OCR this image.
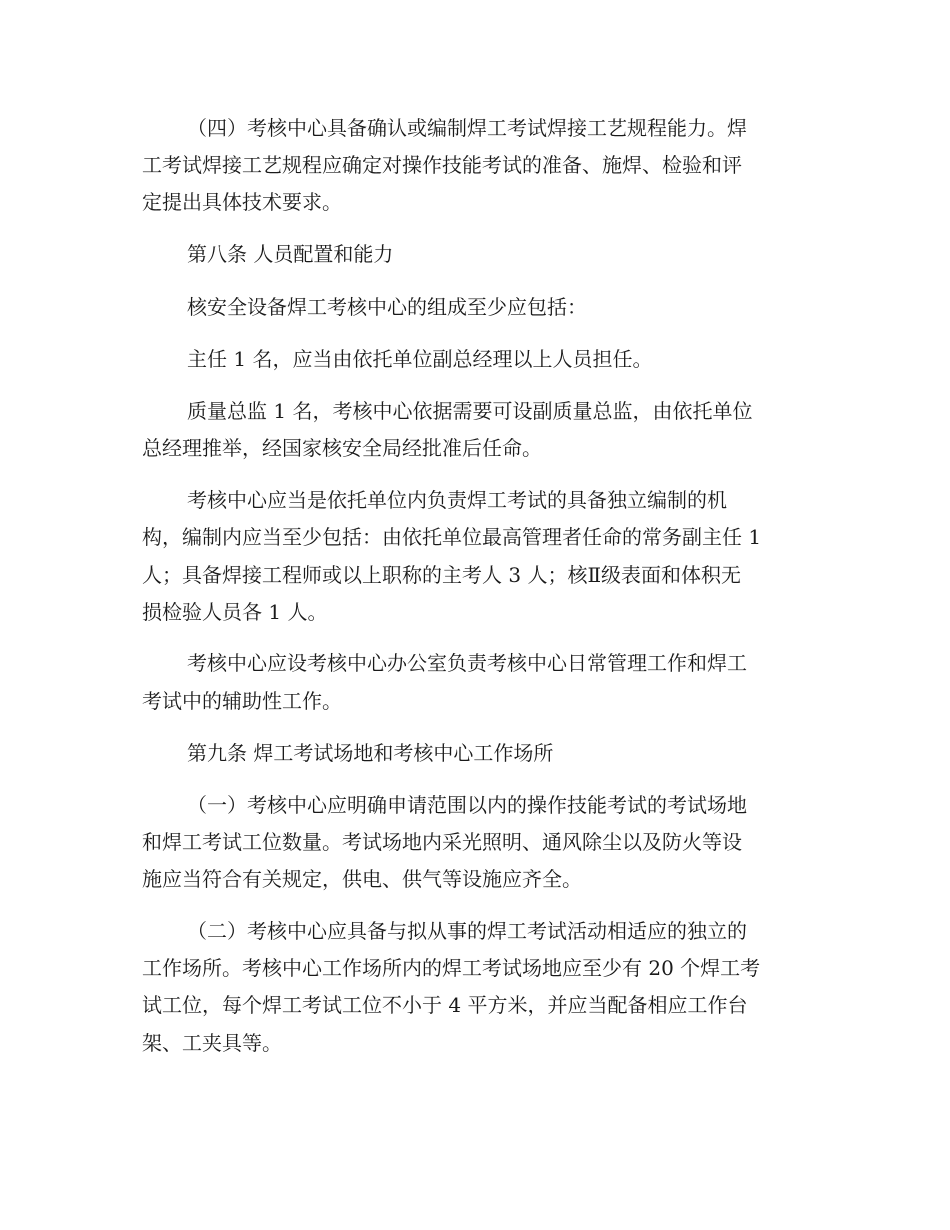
（四）考核中心具备确认或编制焊工考试焊接工艺规程能力。焊
工考试焊接工艺规程应确定对操作技能考试的准备、施焊、检验和评
定提出具体技术要求。
第八条 人员配置和能力
核安全设备焊工考核中心的组成至少应包括：
主任 1 名，应当由依托单位副总经理以上人员担任。
质量总监 1 名，考核中心依据需要可设副质量总监，由依托单位
总经理推举，经国家核安全局经批准后任命。
考核中心应当是依托单位内负责焊工考试的具备独立编制的机
构，编制内应当至少包括：由依托单位最高管理者任命的常务副主任 1
人；具备焊接工程师或以上职称的主考人 3 人；核Ⅱ级表面和体积无
损检验人员各 1 人。
考核中心应设考核中心办公室负责考核中心日常管理工作和焊工
考试中的辅助性工作。
第九条 焊工考试场地和考核中心工作场所
（一）考核中心应明确申请范围以内的操作技能考试的考试场地
和焊工考试工位数量。考试场地内采光照明、通风除尘以及防火等设
施应当符合有关规定，供电、供气等设施应齐全。
（二）考核中心应具备与拟从事的焊工考试活动相适应的独立的
工作场所。考核中心工作场所内的焊工考试场地应至少有 20 个焊工考
试工位，每个焊工考试工位不小于 4 平方米，并应当配备相应工作台
架、工夹具等。
